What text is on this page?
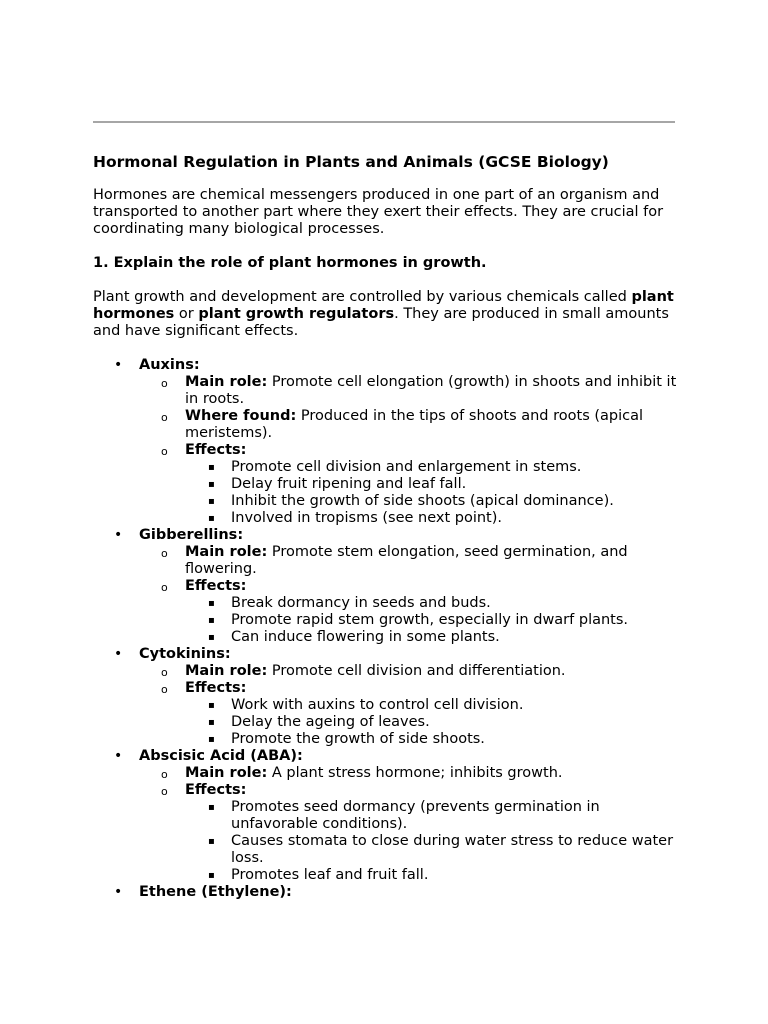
Hormonal Regulation in Plants and Animals (GCSE Biology)

Hormones are chemical messengers produced in one part of an organism and transported to another part where they exert their effects. They are crucial for coordinating many biological processes.

1. Explain the role of plant hormones in growth.

Plant growth and development are controlled by various chemicals called plant hormones or plant growth regulators. They are produced in small amounts and have significant effects.

•	Auxins:
o	Main role: Promote cell elongation (growth) in shoots and inhibit it in roots.
o	Where found: Produced in the tips of shoots and roots (apical meristems).
o	Effects:
▪	Promote cell division and enlargement in stems.
▪	Delay fruit ripening and leaf fall.
▪	Inhibit the growth of side shoots (apical dominance).
▪	Involved in tropisms (see next point).
•	Gibberellins:
o	Main role: Promote stem elongation, seed germination, and flowering.
o	Effects:
▪	Break dormancy in seeds and buds.
▪	Promote rapid stem growth, especially in dwarf plants.
▪	Can induce flowering in some plants.
•	Cytokinins:
o	Main role: Promote cell division and differentiation.
o	Effects:
▪	Work with auxins to control cell division.
▪	Delay the ageing of leaves.
▪	Promote the growth of side shoots.
•	Abscisic Acid (ABA):
o	Main role: A plant stress hormone; inhibits growth.
o	Effects:
▪	Promotes seed dormancy (prevents germination in unfavorable conditions).
▪	Causes stomata to close during water stress to reduce water loss.
▪	Promotes leaf and fruit fall.
•	Ethene (Ethylene):
